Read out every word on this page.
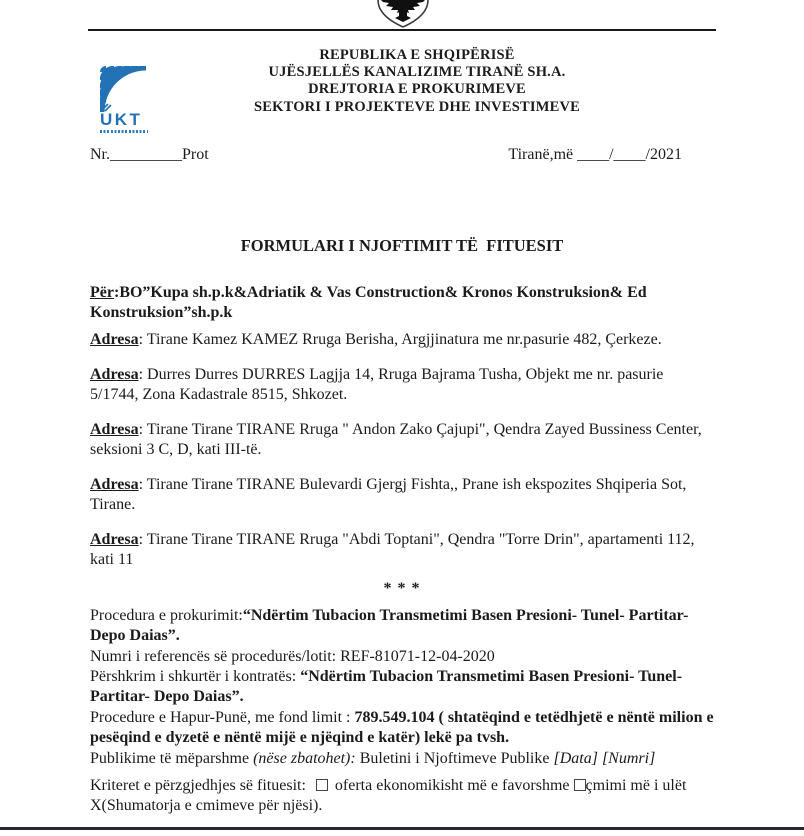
REPUBLIKA E SHQIPËRISË
UJËSJELLËS KANALIZIME TIRANË SH.A.
DREJTORIA E PROKURIMEVE
SEKTORI I PROJEKTEVE DHE INVESTIMEVE
UKT
Nr._________Prot	Tiranë,më ____/____/2021

FORMULARI I NJOFTIMIT TË  FITUESIT

Për:BO”Kupa sh.p.k&Adriatik & Vas Construction& Kronos Konstruksion& Ed Konstruksion”sh.p.k

Adresa: Tirane Kamez KAMEZ Rruga Berisha, Argjjinatura me nr.pasurie 482, Çerkeze.

Adresa: Durres Durres DURRES Lagjja 14, Rruga Bajrama Tusha, Objekt me nr. pasurie 5/1744, Zona Kadastrale 8515, Shkozet.

Adresa: Tirane Tirane TIRANE Rruga " Andon Zako Çajupi", Qendra Zayed Bussiness Center, seksioni 3 C, D, kati III-të.

Adresa: Tirane Tirane TIRANE Bulevardi Gjergj Fishta,, Prane ish ekspozites Shqiperia Sot, Tirane.

Adresa: Tirane Tirane TIRANE Rruga "Abdi Toptani", Qendra "Torre Drin", apartamenti 112, kati 11

* * *

Procedura e prokurimit:“Ndërtim Tubacion Transmetimi Basen Presioni- Tunel- Partitar- Depo Daias”.

Numri i referencës së procedurës/lotit: REF-81071-12-04-2020

Përshkrim i shkurtër i kontratës: “Ndërtim Tubacion Transmetimi Basen Presioni- Tunel- Partitar- Depo Daias”.

Procedure e Hapur-Punë, me fond limit : 789.549.104 ( shtatëqind e tetëdhjetë e nëntë milion e pesëqind e dyzetë e nëntë mijë e njëqind e katër) lekë pa tvsh.

Publikime të mëparshme (nëse zbatohet): Buletini i Njoftimeve Publike [Data] [Numri]

Kriteret e përzgjedhjes së fituesit:  oferta ekonomikisht më e favorshme çmimi më i ulët X(Shumatorja e cmimeve për njësi).
